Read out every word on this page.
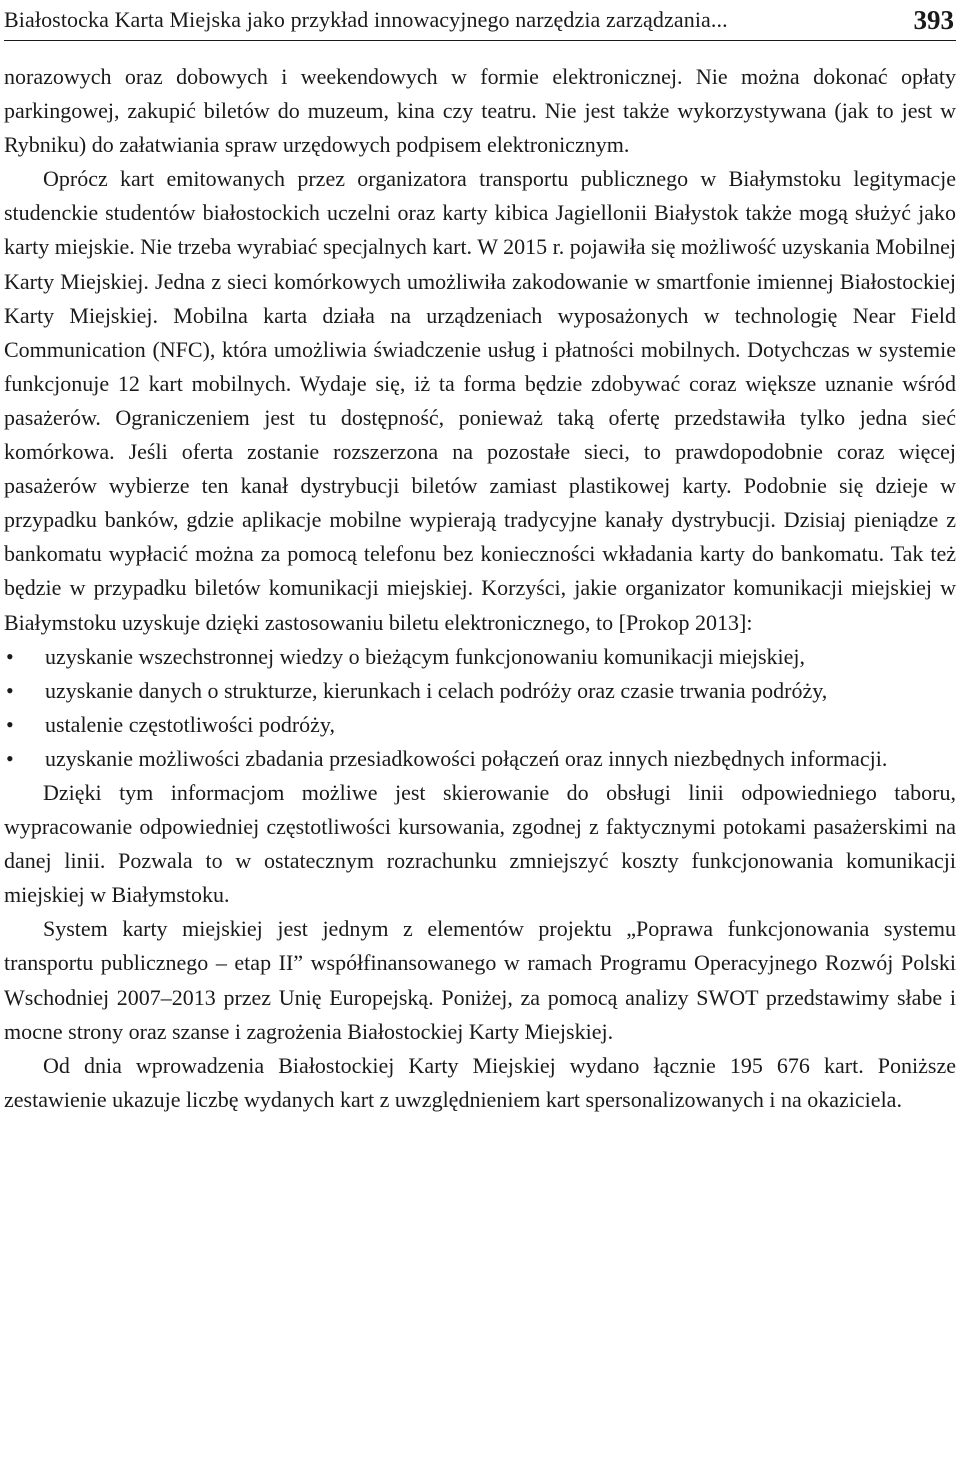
Białostocka Karta Miejska jako przykład innowacyjnego narzędzia zarządzania...	393

norazowych oraz dobowych i weekendowych w formie elektronicznej. Nie można dokonać opłaty parkingowej, zakupić biletów do muzeum, kina czy teatru. Nie jest także wykorzystywana (jak to jest w Rybniku) do załatwiania spraw urzędowych podpisem elektronicznym.

Oprócz kart emitowanych przez organizatora transportu publicznego w Białymstoku legitymacje studenckie studentów białostockich uczelni oraz karty kibica Jagiellonii Białystok także mogą służyć jako karty miejskie. Nie trzeba wyrabiać specjalnych kart. W 2015 r. pojawiła się możliwość uzyskania Mobilnej Karty Miejskiej. Jedna z sieci komórkowych umożliwiła zakodowanie w smartfonie imiennej Białostockiej Karty Miejskiej. Mobilna karta działa na urządzeniach wyposażonych w technologię Near Field Communication (NFC), która umożliwia świadczenie usług i płatności mobilnych. Dotychczas w systemie funkcjonuje 12 kart mobilnych. Wydaje się, iż ta forma będzie zdobywać coraz większe uznanie wśród pasażerów. Ograniczeniem jest tu dostępność, ponieważ taką ofertę przedstawiła tylko jedna sieć komórkowa. Jeśli oferta zostanie rozszerzona na pozostałe sieci, to prawdopodobnie coraz więcej pasażerów wybierze ten kanał dystrybucji biletów zamiast plastikowej karty. Podobnie się dzieje w przypadku banków, gdzie aplikacje mobilne wypierają tradycyjne kanały dystrybucji. Dzisiaj pieniądze z bankomatu wypłacić można za pomocą telefonu bez konieczności wkładania karty do bankomatu. Tak też będzie w przypadku biletów komunikacji miejskiej. Korzyści, jakie organizator komunikacji miejskiej w Białymstoku uzyskuje dzięki zastosowaniu biletu elektronicznego, to [Prokop 2013]:

• uzyskanie wszechstronnej wiedzy o bieżącym funkcjonowaniu komunikacji miejskiej,
• uzyskanie danych o strukturze, kierunkach i celach podróży oraz czasie trwania podróży,
• ustalenie częstotliwości podróży,
• uzyskanie możliwości zbadania przesiadkowości połączeń oraz innych niezbędnych informacji.

Dzięki tym informacjom możliwe jest skierowanie do obsługi linii odpowiedniego taboru, wypracowanie odpowiedniej częstotliwości kursowania, zgodnej z faktycznymi potokami pasażerskimi na danej linii. Pozwala to w ostatecznym rozrachunku zmniejszyć koszty funkcjonowania komunikacji miejskiej w Białymstoku.

System karty miejskiej jest jednym z elementów projektu „Poprawa funkcjonowania systemu transportu publicznego – etap II” współfinansowanego w ramach Programu Operacyjnego Rozwój Polski Wschodniej 2007–2013 przez Unię Europejską. Poniżej, za pomocą analizy SWOT przedstawimy słabe i mocne strony oraz szanse i zagrożenia Białostockiej Karty Miejskiej.

Od dnia wprowadzenia Białostockiej Karty Miejskiej wydano łącznie 195 676 kart. Poniższe zestawienie ukazuje liczbę wydanych kart z uwzględnieniem kart spersonalizowanych i na okaziciela.
